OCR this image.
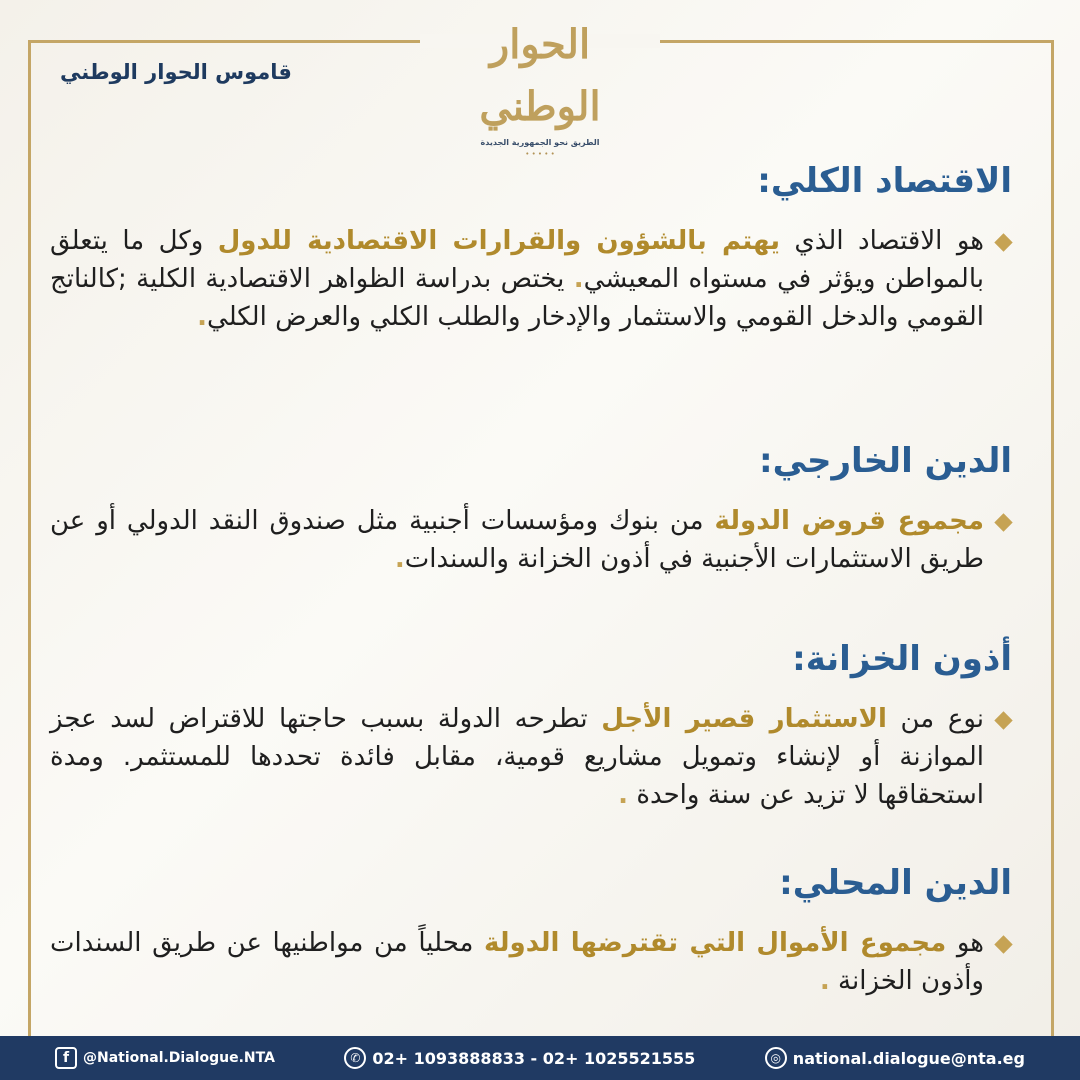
قاموس الحوار الوطني
الحوار الوطني
الطريق نحو الجمهورية الجديدة
• • • • •
الاقتصاد الكلي:
هو الاقتصاد الذي يهتم بالشؤون والقرارات الاقتصادية للدول وكل ما يتعلق بالمواطن ويؤثر في مستواه المعيشي. يختص بدراسة الظواهر الاقتصادية الكلية ;كالناتج القومي والدخل القومي والاستثمار والإدخار والطلب الكلي والعرض الكلي.
الدين الخارجي:
مجموع قروض الدولة من بنوك ومؤسسات أجنبية مثل صندوق النقد الدولي أو عن طريق الاستثمارات الأجنبية في أذون الخزانة والسندات.
أذون الخزانة:
نوع من الاستثمار قصير الأجل تطرحه الدولة بسبب حاجتها للاقتراض لسد عجز الموازنة أو لإنشاء وتمويل مشاريع قومية، مقابل فائدة تحددها للمستثمر. ومدة استحقاقها لا تزيد عن سنة واحدة .
الدين المحلي:
هو مجموع الأموال التي تقترضها الدولة محلياً من مواطنيها عن طريق السندات وأذون الخزانة .
f @National.Dialogue.NTA	✆ 02+ 1093888833 - 02+ 1025521555	◎ national.dialogue@nta.eg
